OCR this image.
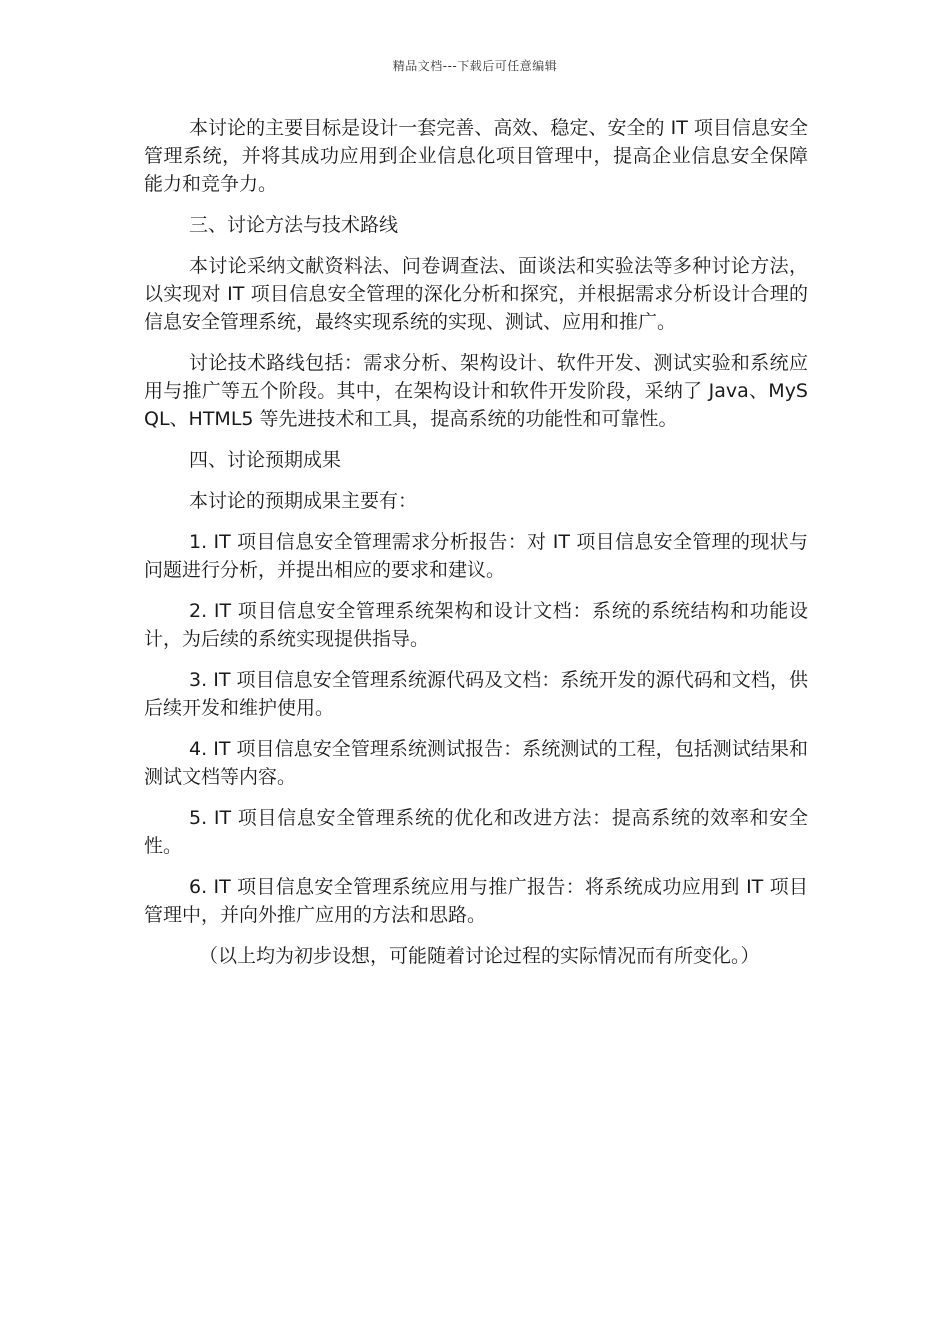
精品文档---下载后可任意编辑

本讨论的主要目标是设计一套完善、高效、稳定、安全的 IT 项目信息安全管理系统，并将其成功应用到企业信息化项目管理中，提高企业信息安全保障能力和竞争力。

三、讨论方法与技术路线

本讨论采纳文献资料法、问卷调查法、面谈法和实验法等多种讨论方法，以实现对 IT 项目信息安全管理的深化分析和探究，并根据需求分析设计合理的信息安全管理系统，最终实现系统的实现、测试、应用和推广。

讨论技术路线包括：需求分析、架构设计、软件开发、测试实验和系统应用与推广等五个阶段。其中，在架构设计和软件开发阶段，采纳了 Java、MySQL、HTML5 等先进技术和工具，提高系统的功能性和可靠性。

四、讨论预期成果

本讨论的预期成果主要有：

1. IT 项目信息安全管理需求分析报告：对 IT 项目信息安全管理的现状与问题进行分析，并提出相应的要求和建议。

2. IT 项目信息安全管理系统架构和设计文档：系统的系统结构和功能设计，为后续的系统实现提供指导。

3. IT 项目信息安全管理系统源代码及文档：系统开发的源代码和文档，供后续开发和维护使用。

4. IT 项目信息安全管理系统测试报告：系统测试的工程，包括测试结果和测试文档等内容。

5. IT 项目信息安全管理系统的优化和改进方法：提高系统的效率和安全性。

6. IT 项目信息安全管理系统应用与推广报告：将系统成功应用到 IT 项目管理中，并向外推广应用的方法和思路。

（以上均为初步设想，可能随着讨论过程的实际情况而有所变化。）
